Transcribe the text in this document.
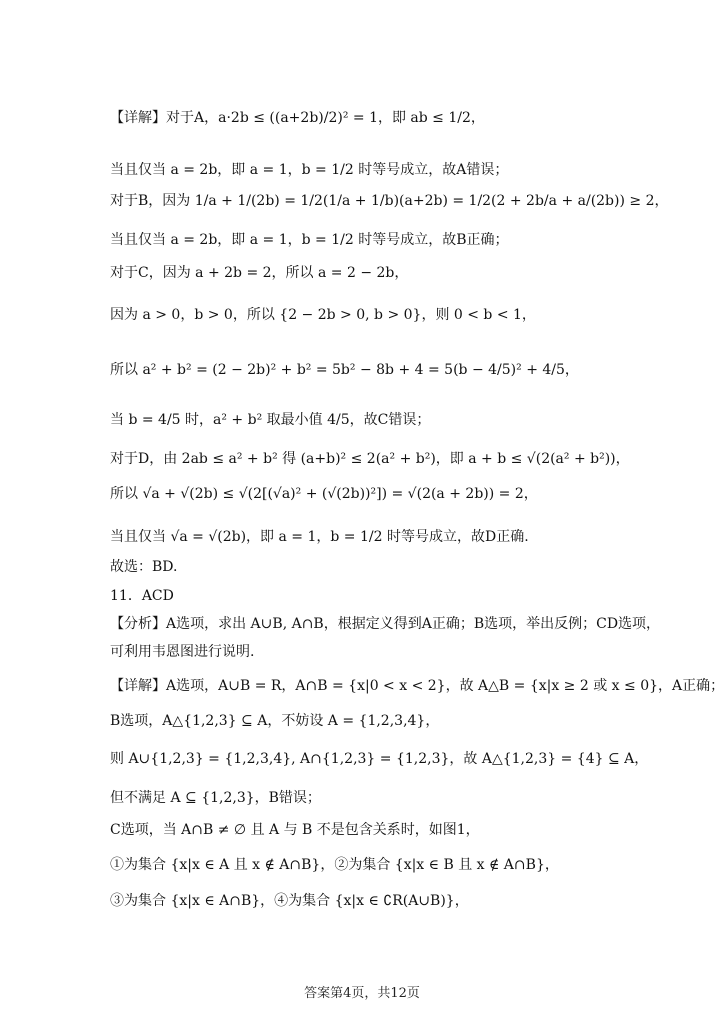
【详解】对于A，a·2b ≤ ((a+2b)/2)² = 1，即 ab ≤ 1/2，
当且仅当 a = 2b，即 a = 1，b = 1/2 时等号成立，故A错误；
对于B，因为 1/a + 1/(2b) = 1/2(1/a + 1/b)(a+2b) = 1/2(2 + 2b/a + a/(2b)) ≥ 2，
当且仅当 a = 2b，即 a = 1，b = 1/2 时等号成立，故B正确；
对于C，因为 a + 2b = 2，所以 a = 2 − 2b，
因为 a > 0，b > 0，所以 {2 − 2b > 0, b > 0}，则 0 < b < 1，
所以 a² + b² = (2 − 2b)² + b² = 5b² − 8b + 4 = 5(b − 4/5)² + 4/5，
当 b = 4/5 时，a² + b² 取最小值 4/5，故C错误；
对于D，由 2ab ≤ a² + b² 得 (a+b)² ≤ 2(a² + b²)，即 a + b ≤ √(2(a² + b²))，
所以 √a + √(2b) ≤ √(2[(√a)² + (√(2b))²]) = √(2(a + 2b)) = 2，
当且仅当 √a = √(2b)，即 a = 1，b = 1/2 时等号成立，故D正确.
故选：BD.
11．ACD
【分析】A选项，求出 A∪B, A∩B，根据定义得到A正确；B选项，举出反例；CD选项，
可利用韦恩图进行说明.
【详解】A选项，A∪B = R，A∩B = {x|0 < x < 2}，故 A△B = {x|x ≥ 2 或 x ≤ 0}，A正确；
B选项，A△{1,2,3} ⊆ A，不妨设 A = {1,2,3,4}，
则 A∪{1,2,3} = {1,2,3,4}, A∩{1,2,3} = {1,2,3}，故 A△{1,2,3} = {4} ⊆ A，
但不满足 A ⊆ {1,2,3}，B错误；
C选项，当 A∩B ≠ ∅ 且 A 与 B 不是包含关系时，如图1，
①为集合 {x|x ∈ A 且 x ∉ A∩B}，②为集合 {x|x ∈ B 且 x ∉ A∩B}，
③为集合 {x|x ∈ A∩B}，④为集合 {x|x ∈ ∁R(A∪B)}，
答案第4页，共12页
